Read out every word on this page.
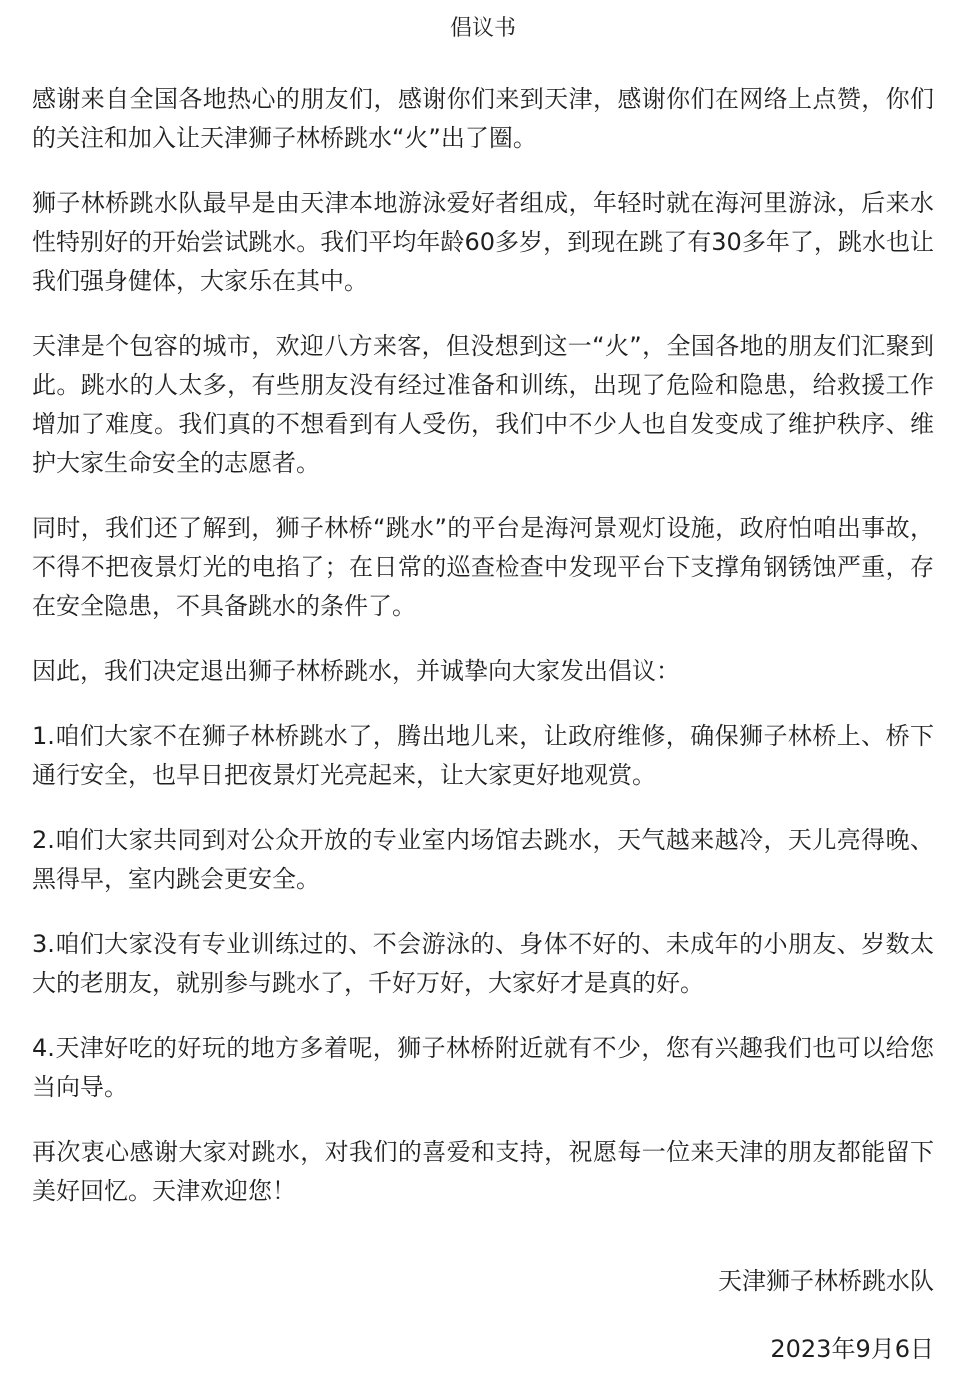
倡议书

感谢来自全国各地热心的朋友们，感谢你们来到天津，感谢你们在网络上点赞，你们的关注和加入让天津狮子林桥跳水“火”出了圈。

狮子林桥跳水队最早是由天津本地游泳爱好者组成，年轻时就在海河里游泳，后来水性特别好的开始尝试跳水。我们平均年龄60多岁，到现在跳了有30多年了，跳水也让我们强身健体，大家乐在其中。

天津是个包容的城市，欢迎八方来客，但没想到这一“火”，全国各地的朋友们汇聚到此。跳水的人太多，有些朋友没有经过准备和训练，出现了危险和隐患，给救援工作增加了难度。我们真的不想看到有人受伤，我们中不少人也自发变成了维护秩序、维护大家生命安全的志愿者。

同时，我们还了解到，狮子林桥“跳水”的平台是海河景观灯设施，政府怕咱出事故，不得不把夜景灯光的电掐了；在日常的巡查检查中发现平台下支撑角钢锈蚀严重，存在安全隐患，不具备跳水的条件了。

因此，我们决定退出狮子林桥跳水，并诚挚向大家发出倡议：

1.咱们大家不在狮子林桥跳水了，腾出地儿来，让政府维修，确保狮子林桥上、桥下通行安全，也早日把夜景灯光亮起来，让大家更好地观赏。

2.咱们大家共同到对公众开放的专业室内场馆去跳水，天气越来越冷，天儿亮得晚、黑得早，室内跳会更安全。

3.咱们大家没有专业训练过的、不会游泳的、身体不好的、未成年的小朋友、岁数太大的老朋友，就别参与跳水了，千好万好，大家好才是真的好。

4.天津好吃的好玩的地方多着呢，狮子林桥附近就有不少，您有兴趣我们也可以给您当向导。

再次衷心感谢大家对跳水，对我们的喜爱和支持，祝愿每一位来天津的朋友都能留下美好回忆。天津欢迎您！

天津狮子林桥跳水队
2023年9月6日
